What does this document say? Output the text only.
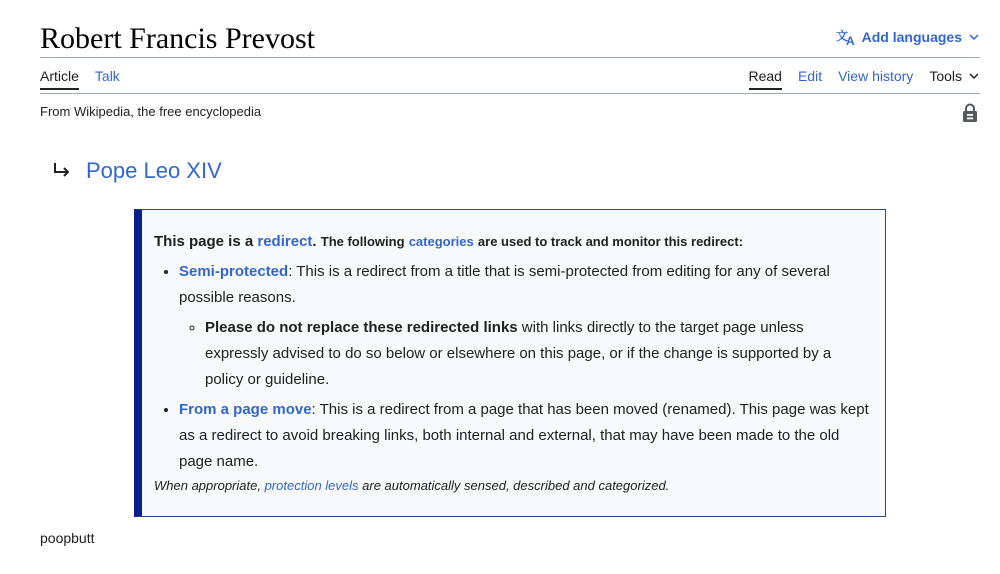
Robert Francis Prevost	文
A Add languages
Article Talk	Read Edit View history Tools
From Wikipedia, the free encyclopedia
Pope Leo XIV
This page is a redirect. The following categories are used to track and monitor this redirect:
• Semi-protected: This is a redirect from a title that is semi-protected from editing for any of several possible reasons.
◦ Please do not replace these redirected links with links directly to the target page unless expressly advised to do so below or elsewhere on this page, or if the change is supported by a policy or guideline.
• From a page move: This is a redirect from a page that has been moved (renamed). This page was kept as a redirect to avoid breaking links, both internal and external, that may have been made to the old page name.
When appropriate, protection levels are automatically sensed, described and categorized.
poopbutt
